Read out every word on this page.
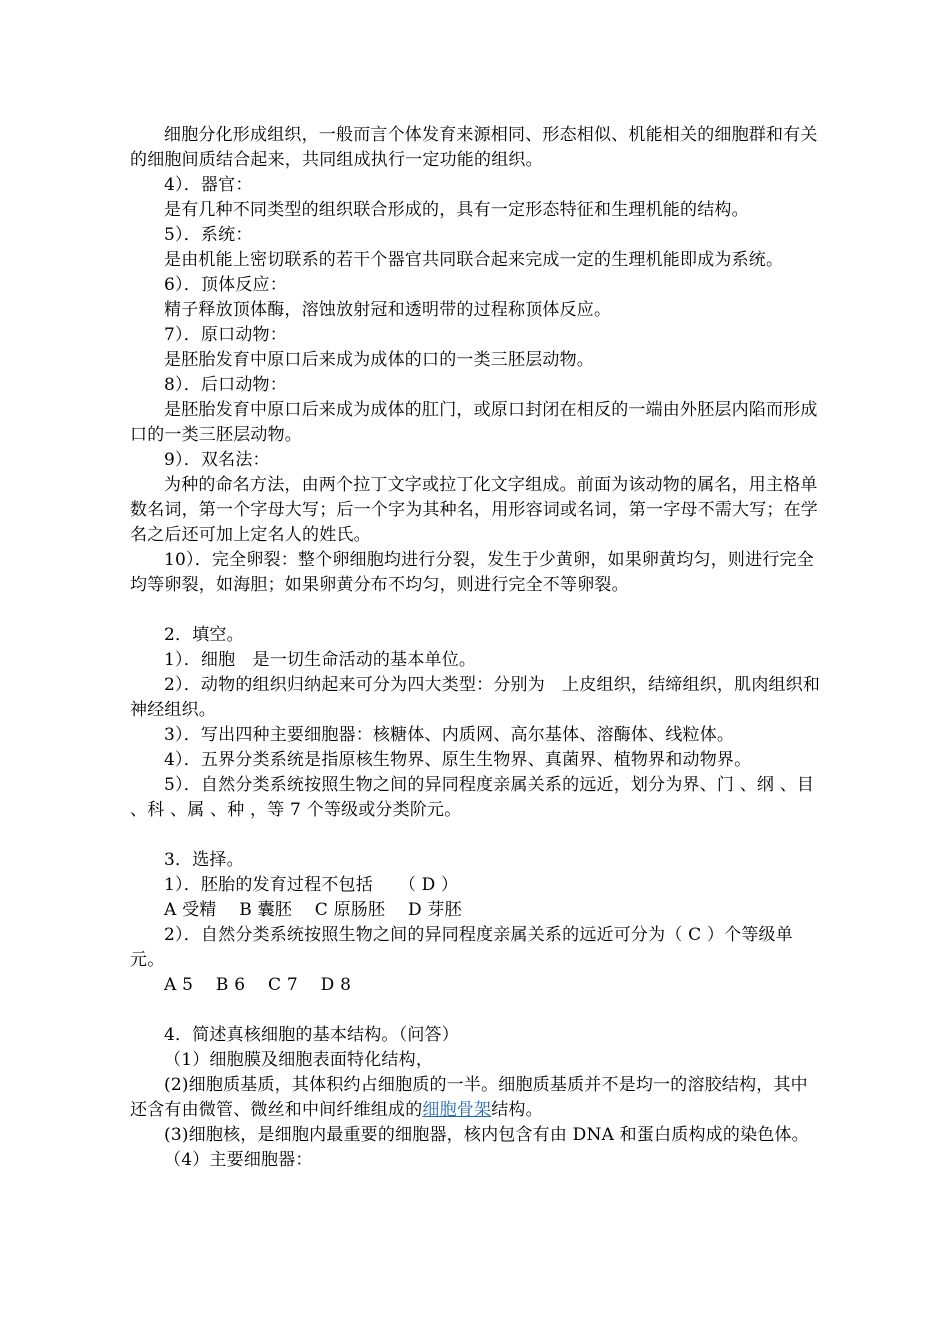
细胞分化形成组织，一般而言个体发育来源相同、形态相似、机能相关的细胞群和有关的细胞间质结合起来，共同组成执行一定功能的组织。

4）．器官：

是有几种不同类型的组织联合形成的，具有一定形态特征和生理机能的结构。

5）．系统：

是由机能上密切联系的若干个器官共同联合起来完成一定的生理机能即成为系统。

6）．顶体反应：

精子释放顶体酶，溶蚀放射冠和透明带的过程称顶体反应。

7）．原口动物：

是胚胎发育中原口后来成为成体的口的一类三胚层动物。

8）．后口动物：

是胚胎发育中原口后来成为成体的肛门，或原口封闭在相反的一端由外胚层内陷而形成口的一类三胚层动物。

9）．双名法：

为种的命名方法，由两个拉丁文字或拉丁化文字组成。前面为该动物的属名，用主格单数名词，第一个字母大写；后一个字为其种名，用形容词或名词，第一字母不需大写；在学名之后还可加上定名人的姓氏。

10）．完全卵裂：整个卵细胞均进行分裂，发生于少黄卵，如果卵黄均匀，则进行完全均等卵裂，如海胆；如果卵黄分布不均匀，则进行完全不等卵裂。

2．填空。

1）．细胞　是一切生命活动的基本单位。

2）．动物的组织归纳起来可分为四大类型：分别为　上皮组织，结缔组织，肌肉组织和神经组织。

3）．写出四种主要细胞器：核糖体、内质网、高尔基体、溶酶体、线粒体。

4）．五界分类系统是指原核生物界、原生生物界、真菌界、植物界和动物界。

5）．自然分类系统按照生物之间的异同程度亲属关系的远近，划分为界、门 、纲 、目 、科 、属 、种 ，等 7 个等级或分类阶元。

3．选择。

1）．胚胎的发育过程不包括　　（ D ）

A 受精　 B 囊胚　 C 原肠胚　 D 芽胚

2）．自然分类系统按照生物之间的异同程度亲属关系的远近可分为（ C ）个等级单元。

A 5　 B 6　 C 7　 D 8

4．简述真核细胞的基本结构。（问答）

（1）细胞膜及细胞表面特化结构，

(2)细胞质基质，其体积约占细胞质的一半。细胞质基质并不是均一的溶胶结构，其中还含有由微管、微丝和中间纤维组成的细胞骨架结构。

(3)细胞核，是细胞内最重要的细胞器，核内包含有由 DNA 和蛋白质构成的染色体。

（4）主要细胞器：
